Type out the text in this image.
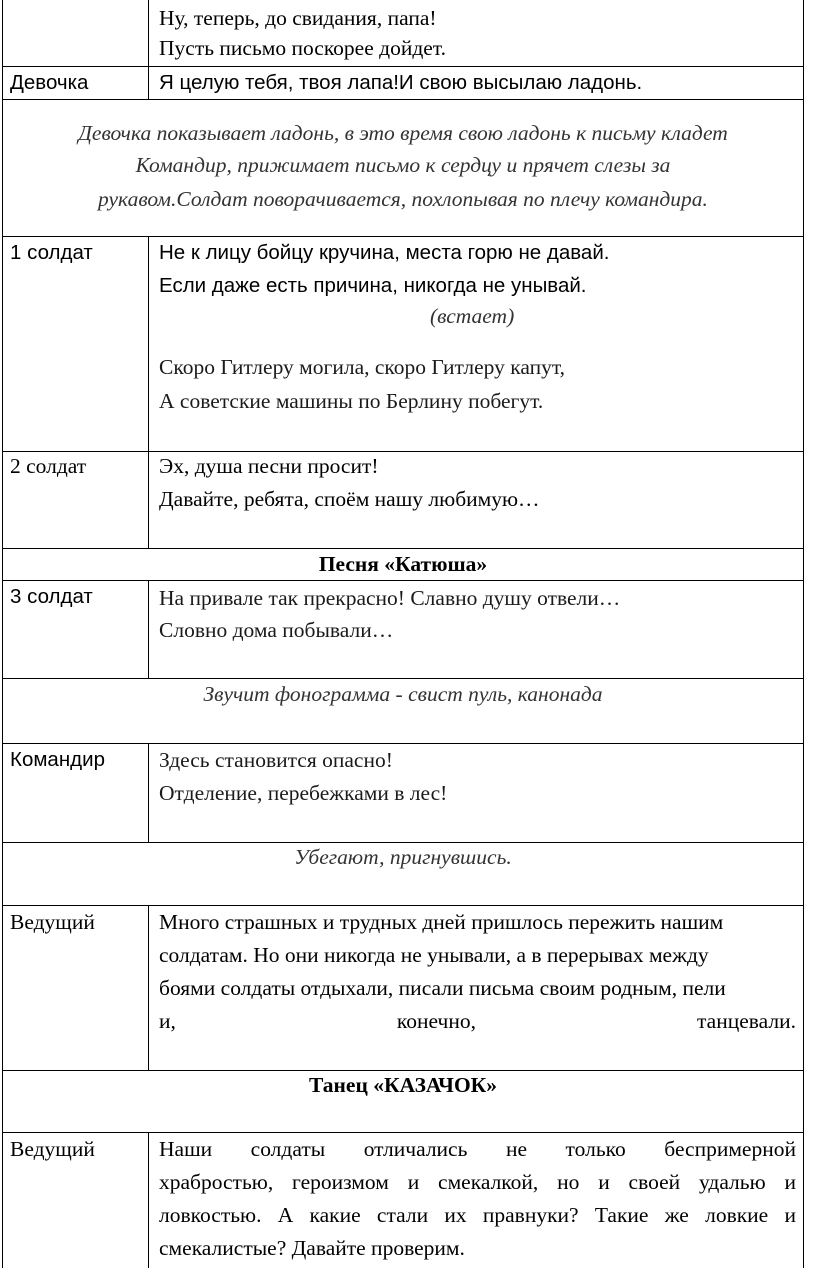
Ну, теперь, до свидания, папа!
Пусть письмо поскорее дойдет.
Девочка	Я целую тебя, твоя лапа!И свою высылаю ладонь.
Девочка показывает ладонь, в это время свою ладонь к письму кладет
Командир, прижимает письмо к сердцу и прячет слезы за
рукавом.Солдат поворачивается, похлопывая по плечу командира.
1 солдат	Не к лицу бойцу кручина, места горю не давай.
Если даже есть причина, никогда не унывай.
(встает)
Скоро Гитлеру могила, скоро Гитлеру капут,
А советские машины по Берлину побегут.
2 солдат	Эх, душа песни просит!
Давайте, ребята, споём нашу любимую…
Песня «Катюша»
3 солдат	На привале так прекрасно! Славно душу отвели…
Словно дома побывали…
Звучит фонограмма - свист пуль, канонада
Командир	Здесь становится опасно!
Отделение, перебежками в лес!
Убегают, пригнувшись.
Ведущий	Много страшных и трудных дней пришлось пережить нашим
солдатам. Но они никогда не унывали, а в перерывах между
боями солдаты отдыхали, писали письма своим родным, пели
и, конечно, танцевали.
Танец «КАЗАЧОК»
Ведущий	Наши солдаты отличались не только беспримерной
храбростью, героизмом и смекалкой, но и своей удалью и
ловкостью. А какие стали их правнуки? Такие же ловкие и
смекалистые? Давайте проверим.
